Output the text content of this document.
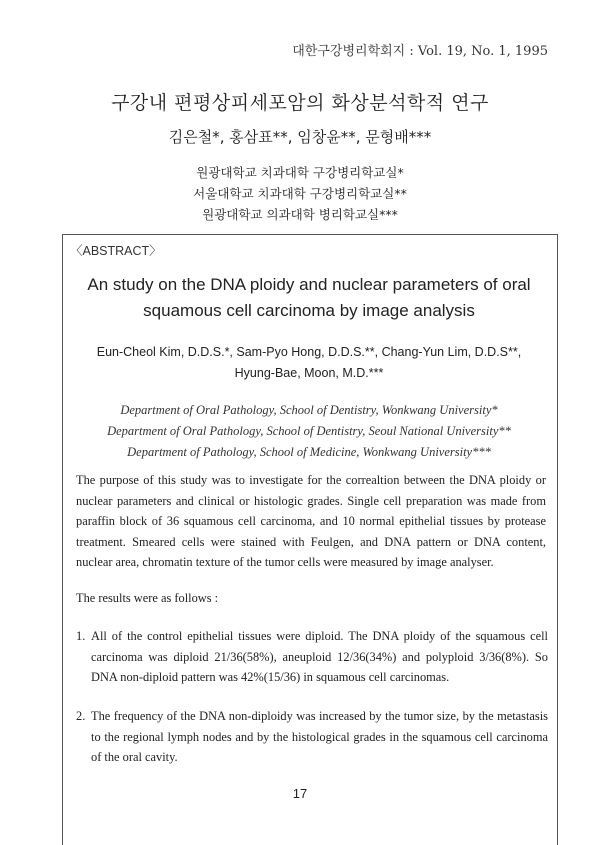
대한구강병리학회지 : Vol. 19, No. 1, 1995
구강내 편평상피세포암의 화상분석학적 연구
김은철*, 홍삼표**, 임창윤**, 문형배***
원광대학교 치과대학 구강병리학교실*
서울대학교 치과대학 구강병리학교실**
원광대학교 의과대학 병리학교실***
〈ABSTRACT〉
An study on the DNA ploidy and nuclear parameters of oral
squamous cell carcinoma by image analysis
Eun-Cheol Kim, D.D.S.*, Sam-Pyo Hong, D.D.S.**, Chang-Yun Lim, D.D.S**,
Hyung-Bae, Moon, M.D.***
Department of Oral Pathology, School of Dentistry, Wonkwang University*
Department of Oral Pathology, School of Dentistry, Seoul National University**
Department of Pathology, School of Medicine, Wonkwang University***

The purpose of this study was to investigate for the correaltion between the DNA ploidy or nuclear parameters and clinical or histologic grades. Single cell preparation was made from paraffin block of 36 squamous cell carcinoma, and 10 normal epithelial tissues by protease treatment. Smeared cells were stained with Feulgen, and DNA pattern or DNA content, nuclear area, chromatin texture of the tumor cells were measured by image analyser.

The results were as follows :
1. All of the control epithelial tissues were diploid. The DNA ploidy of the squamous cell carcinoma was diploid 21/36(58%), aneuploid 12/36(34%) and polyploid 3/36(8%). So DNA non-diploid pattern was 42%(15/36) in squamous cell carcinomas.
2. The frequency of the DNA non-diploidy was increased by the tumor size, by the metastasis to the regional lymph nodes and by the histological grades in the squamous cell carcinoma of the oral cavity.
17
